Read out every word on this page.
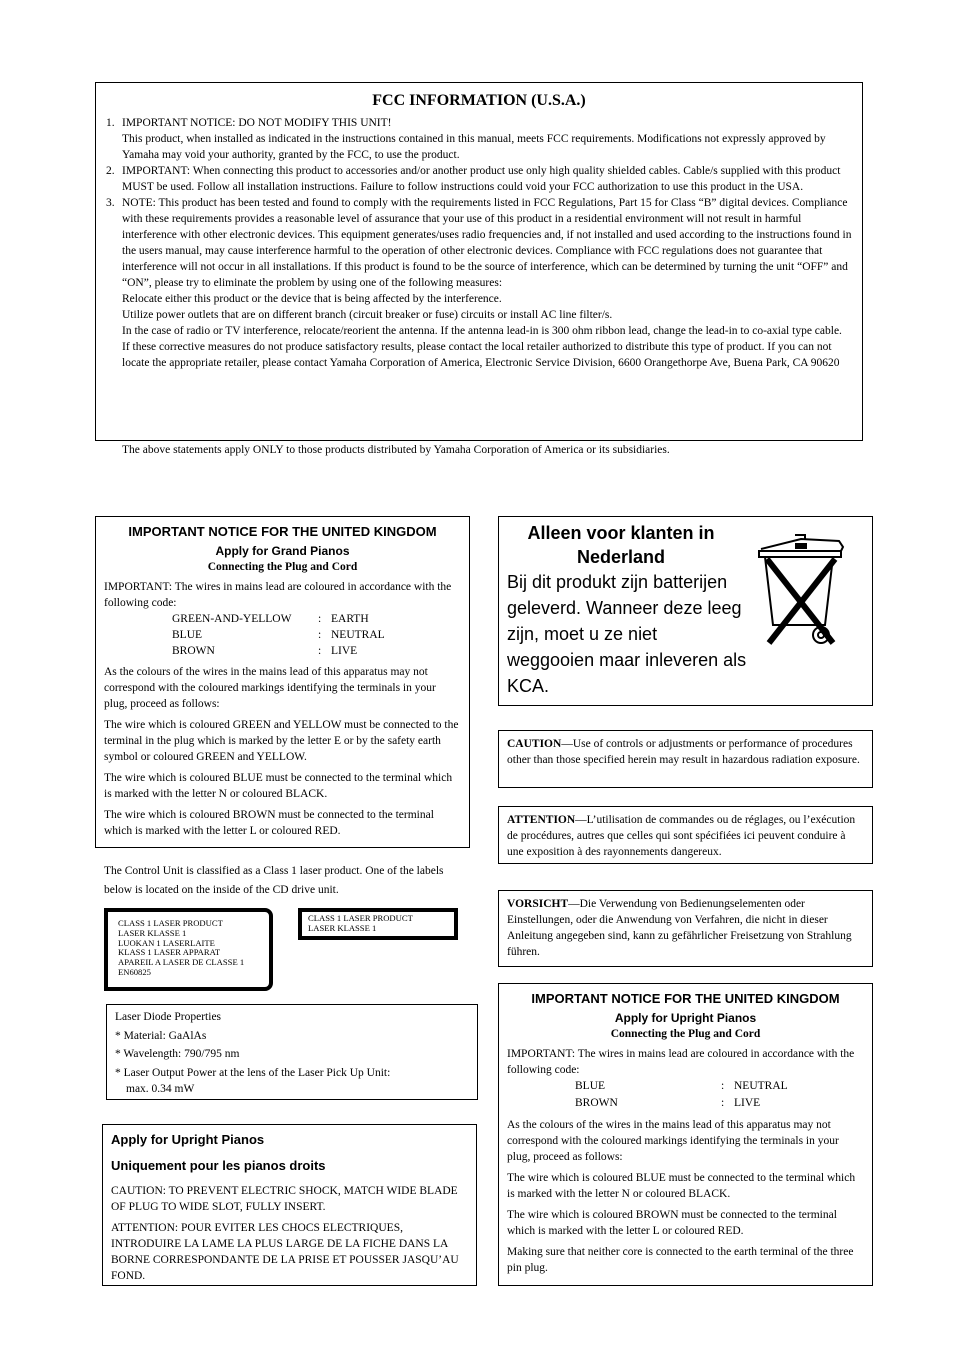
FCC INFORMATION (U.S.A.)
1. IMPORTANT NOTICE: DO NOT MODIFY THIS UNIT!
This product, when installed as indicated in the instructions contained in this manual, meets FCC requirements. Modifications not expressly approved by Yamaha may void your authority, granted by the FCC, to use the product.
2. IMPORTANT: When connecting this product to accessories and/or another product use only high quality shielded cables. Cable/s supplied with this product MUST be used. Follow all installation instructions. Failure to follow instructions could void your FCC authorization to use this product in the USA.
3. NOTE: This product has been tested and found to comply with the requirements listed in FCC Regulations, Part 15 for Class “B” digital devices. Compliance with these requirements provides a reasonable level of assurance that your use of this product in a residential environment will not result in harmful interference with other electronic devices. This equipment generates/uses radio frequencies and, if not installed and used according to the instructions found in the users manual, may cause interference harmful to the operation of other electronic devices. Compliance with FCC regulations does not guarantee that interference will not occur in all installations. If this product is found to be the source of interference, which can be determined by turning the unit “OFF” and “ON”, please try to eliminate the problem by using one of the following measures:
Relocate either this product or the device that is being affected by the interference.
Utilize power outlets that are on different branch (circuit breaker or fuse) circuits or install AC line filter/s.
In the case of radio or TV interference, relocate/reorient the antenna. If the antenna lead-in is 300 ohm ribbon lead, change the lead-in to co-axial type cable.
If these corrective measures do not produce satisfactory results, please contact the local retailer authorized to distribute this type of product. If you can not locate the appropriate retailer, please contact Yamaha Corporation of America, Electronic Service Division, 6600 Orangethorpe Ave, Buena Park, CA 90620
The above statements apply ONLY to those products distributed by Yamaha Corporation of America or its subsidiaries.

IMPORTANT NOTICE FOR THE UNITED KINGDOM

Apply for Grand Pianos

Connecting the Plug and Cord

IMPORTANT: The wires in mains lead are coloured in accordance with the following code:

GREEN-AND-YELLOW	:	EARTH
BLUE	:	NEUTRAL
BROWN	:	LIVE

As the colours of the wires in the mains lead of this apparatus may not correspond with the coloured markings identifying the terminals in your plug, proceed as follows:

The wire which is coloured GREEN and YELLOW must be connected to the terminal in the plug which is marked by the letter E or by the safety earth symbol or coloured GREEN and YELLOW.

The wire which is coloured BLUE must be connected to the terminal which is marked with the letter N or coloured BLACK.

The wire which is coloured BROWN must be connected to the terminal which is marked with the letter L or coloured RED.

Alleen voor klanten in Nederland
Bij dit produkt zijn batterijen geleverd. Wanneer deze leeg zijn, moet u ze niet weggooien maar inleveren als KCA.

CAUTION—Use of controls or adjustments or performance of procedures other than those specified herein may result in hazardous radiation exposure.

ATTENTION—L’utilisation de commandes ou de réglages, ou l’exécution de procédures, autres que celles qui sont spécifiées ici peuvent conduire à une exposition à des rayonnements dangereux.

VORSICHT—Die Verwendung von Bedienungselementen oder Einstellungen, oder die Anwendung von Verfahren, die nicht in dieser Anleitung angegeben sind, kann zu gefährlicher Freisetzung von Strahlung führen.

The Control Unit is classified as a Class 1 laser product. One of the labels below is located on the inside of the CD drive unit.
CLASS 1 LASER PRODUCT
LASER KLASSE 1
LUOKAN 1 LASERLAITE
KLASS 1 LASER APPARAT
APAREIL A LASER DE CLASSE 1
EN60825
CLASS 1 LASER PRODUCT
LASER KLASSE 1
Laser Diode Properties
* Material: GaAlAs
* Wavelength: 790/795 nm
* Laser Output Power at the lens of the Laser Pick Up Unit:
max. 0.34 mW

Apply for Upright Pianos

Uniquement pour les pianos droits

CAUTION: TO PREVENT ELECTRIC SHOCK, MATCH WIDE BLADE OF PLUG TO WIDE SLOT, FULLY INSERT.

ATTENTION: POUR EVITER LES CHOCS ELECTRIQUES, INTRODUIRE LA LAME LA PLUS LARGE DE LA FICHE DANS LA BORNE CORRESPONDANTE DE LA PRISE ET POUSSER JASQU’AU FOND.

IMPORTANT NOTICE FOR THE UNITED KINGDOM

Apply for Upright Pianos

Connecting the Plug and Cord

IMPORTANT: The wires in mains lead are coloured in accordance with the following code:

BLUE	:	NEUTRAL
BROWN	:	LIVE

As the colours of the wires in the mains lead of this apparatus may not correspond with the coloured markings identifying the terminals in your plug, proceed as follows:

The wire which is coloured BLUE must be connected to the terminal which is marked with the letter N or coloured BLACK.

The wire which is coloured BROWN must be connected to the terminal which is marked with the letter L or coloured RED.

Making sure that neither core is connected to the earth terminal of the three pin plug.
